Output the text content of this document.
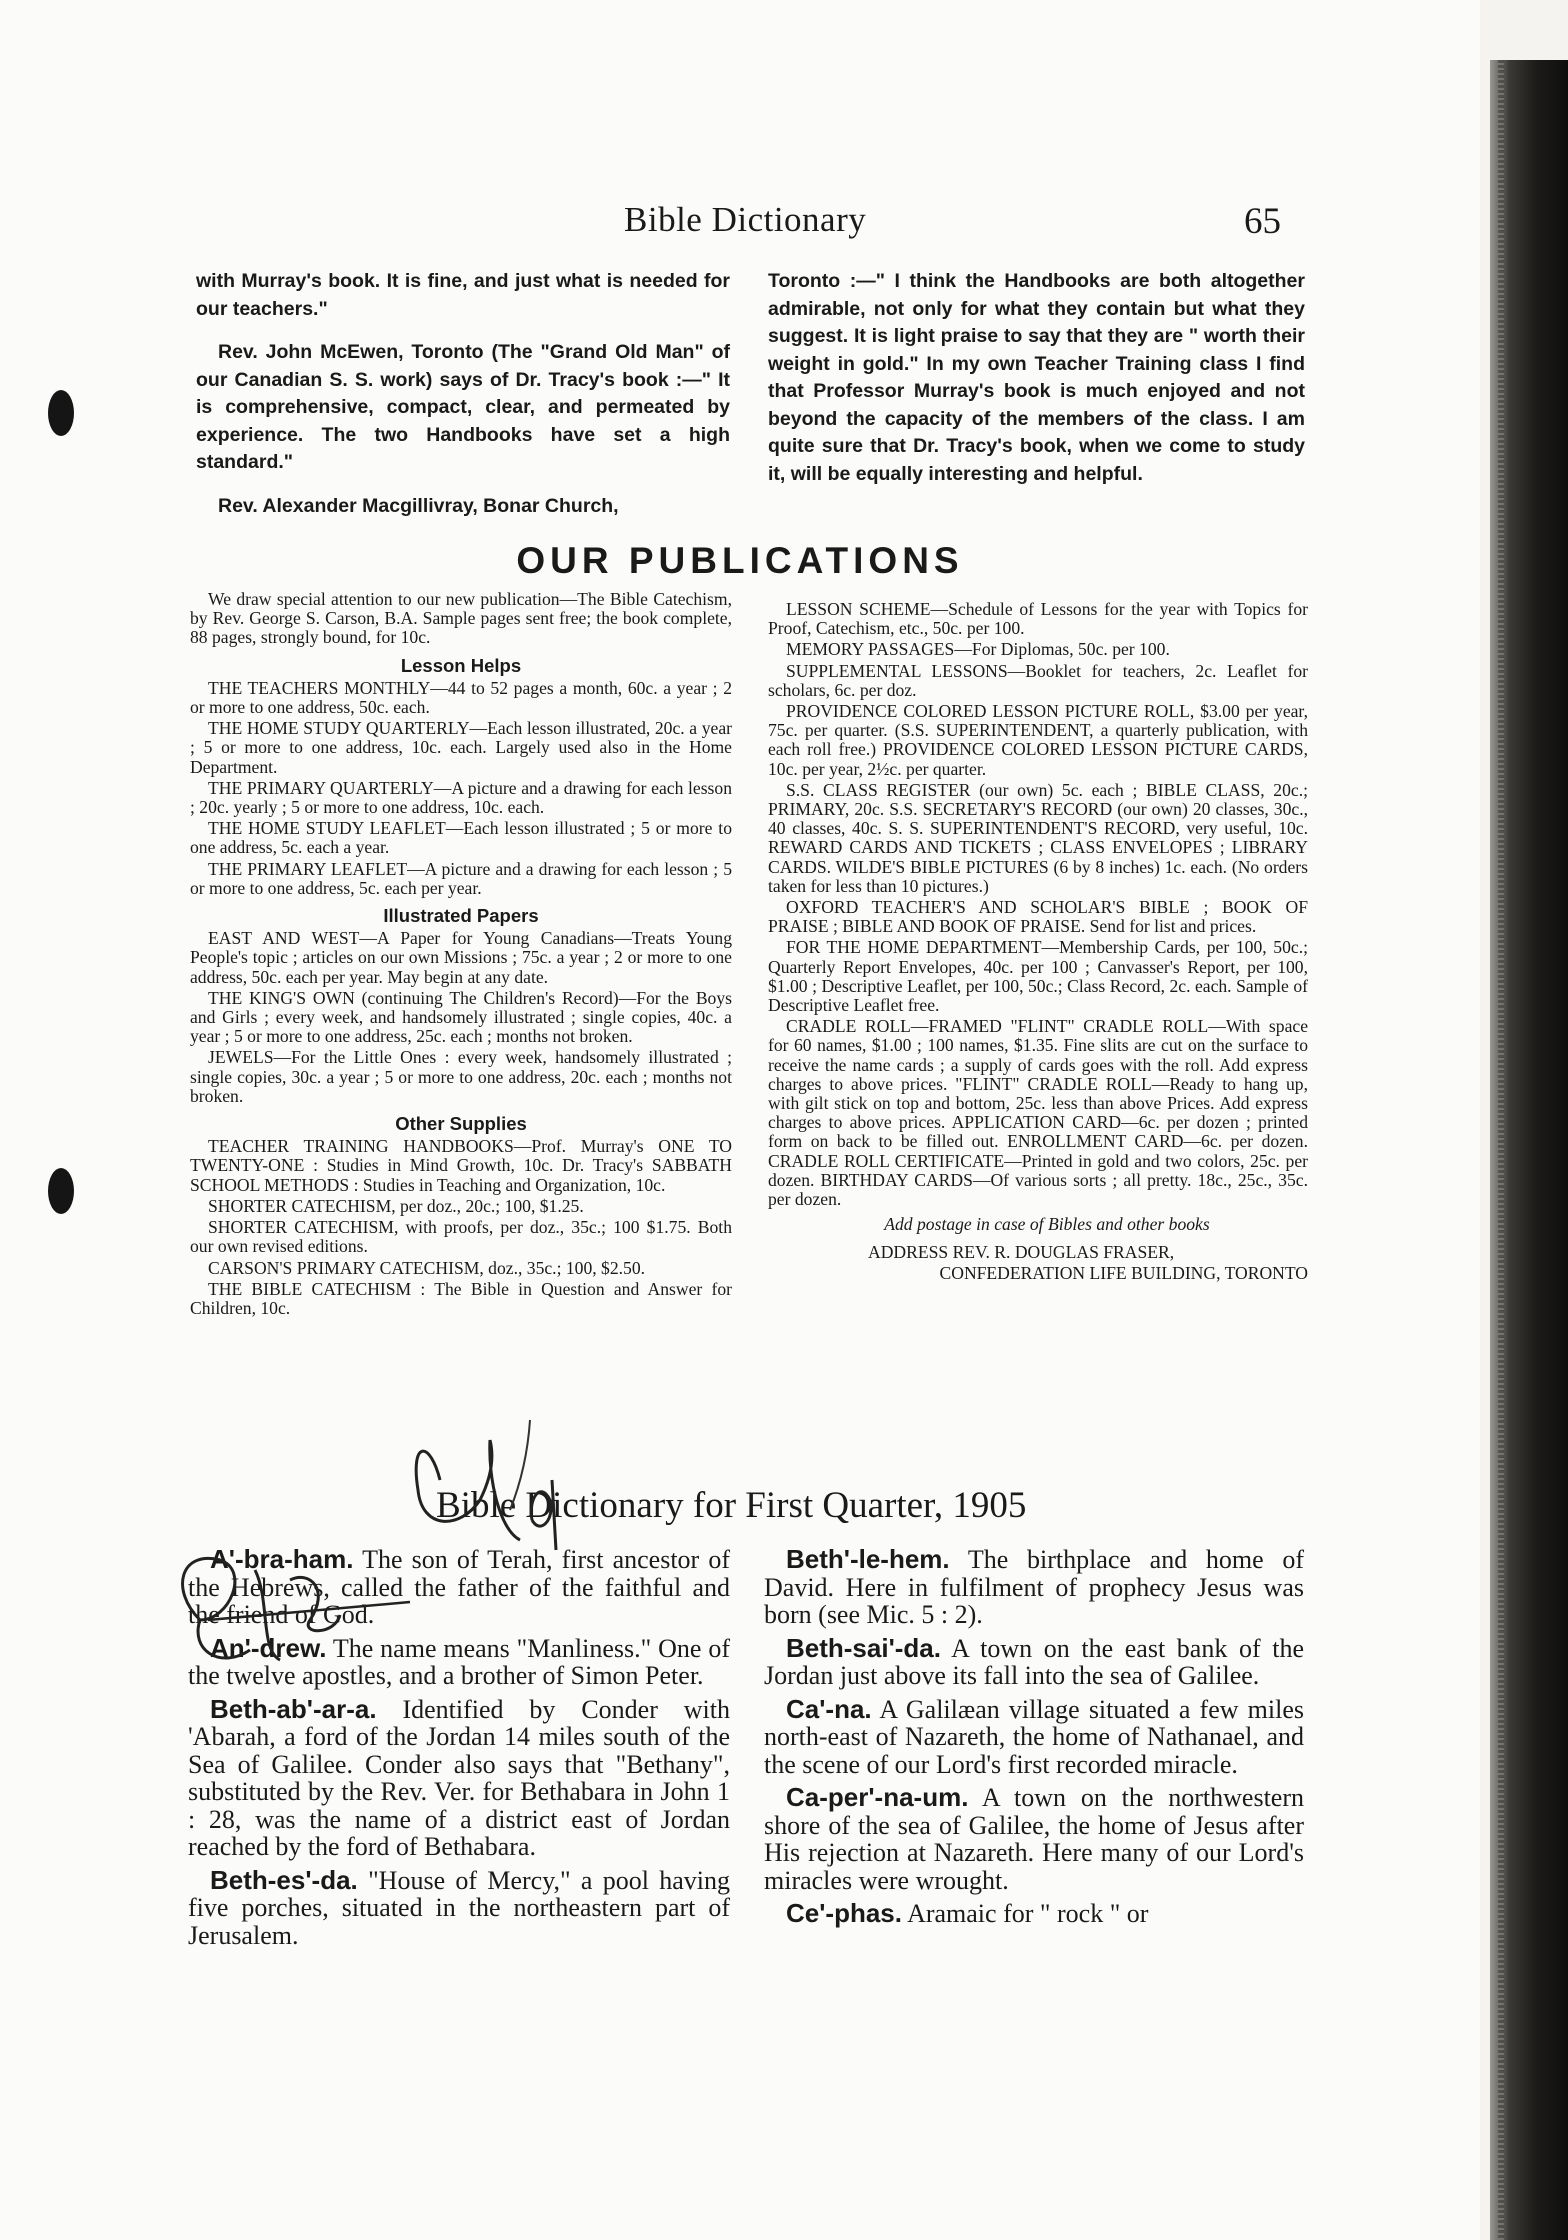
Bible Dictionary	65

with Murray's book. It is fine, and just what is needed for our teachers."

Rev. John McEwen, Toronto (The "Grand Old Man" of our Canadian S. S. work) says of Dr. Tracy's book :—" It is comprehensive, compact, clear, and permeated by experience. The two Handbooks have set a high standard."

Rev. Alexander Macgillivray, Bonar Church,

Toronto :—" I think the Handbooks are both altogether admirable, not only for what they contain but what they suggest. It is light praise to say that they are " worth their weight in gold." In my own Teacher Training class I find that Professor Murray's book is much enjoyed and not beyond the capacity of the members of the class. I am quite sure that Dr. Tracy's book, when we come to study it, will be equally interesting and helpful.

OUR PUBLICATIONS

We draw special attention to our new publication—The Bible Catechism, by Rev. George S. Carson, B.A. Sample pages sent free; the book complete, 88 pages, strongly bound, for 10c.

Lesson Helps

THE TEACHERS MONTHLY—44 to 52 pages a month, 60c. a year ; 2 or more to one address, 50c. each.

THE HOME STUDY QUARTERLY—Each lesson illustrated, 20c. a year ; 5 or more to one address, 10c. each. Largely used also in the Home Department.

THE PRIMARY QUARTERLY—A picture and a drawing for each lesson ; 20c. yearly ; 5 or more to one address, 10c. each.

THE HOME STUDY LEAFLET—Each lesson illustrated ; 5 or more to one address, 5c. each a year.

THE PRIMARY LEAFLET—A picture and a drawing for each lesson ; 5 or more to one address, 5c. each per year.

Illustrated Papers

EAST AND WEST—A Paper for Young Canadians—Treats Young People's topic ; articles on our own Missions ; 75c. a year ; 2 or more to one address, 50c. each per year. May begin at any date.

THE KING'S OWN (continuing The Children's Record)—For the Boys and Girls ; every week, and handsomely illustrated ; single copies, 40c. a year ; 5 or more to one address, 25c. each ; months not broken.

JEWELS—For the Little Ones : every week, handsomely illustrated ; single copies, 30c. a year ; 5 or more to one address, 20c. each ; months not broken.

Other Supplies

TEACHER TRAINING HANDBOOKS—Prof. Murray's ONE TO TWENTY-ONE : Studies in Mind Growth, 10c. Dr. Tracy's SABBATH SCHOOL METHODS : Studies in Teaching and Organization, 10c.

SHORTER CATECHISM, per doz., 20c.; 100, $1.25.

SHORTER CATECHISM, with proofs, per doz., 35c.; 100 $1.75. Both our own revised editions.

CARSON'S PRIMARY CATECHISM, doz., 35c.; 100, $2.50.

THE BIBLE CATECHISM : The Bible in Question and Answer for Children, 10c.

LESSON SCHEME—Schedule of Lessons for the year with Topics for Proof, Catechism, etc., 50c. per 100.

MEMORY PASSAGES—For Diplomas, 50c. per 100.

SUPPLEMENTAL LESSONS—Booklet for teachers, 2c. Leaflet for scholars, 6c. per doz.

PROVIDENCE COLORED LESSON PICTURE ROLL, $3.00 per year, 75c. per quarter. (S.S. SUPERINTENDENT, a quarterly publication, with each roll free.) PROVIDENCE COLORED LESSON PICTURE CARDS, 10c. per year, 2½c. per quarter.

S.S. CLASS REGISTER (our own) 5c. each ; BIBLE CLASS, 20c.; PRIMARY, 20c. S.S. SECRETARY'S RECORD (our own) 20 classes, 30c., 40 classes, 40c. S. S. SUPERINTENDENT'S RECORD, very useful, 10c. REWARD CARDS AND TICKETS ; CLASS ENVELOPES ; LIBRARY CARDS. WILDE'S BIBLE PICTURES (6 by 8 inches) 1c. each. (No orders taken for less than 10 pictures.)

OXFORD TEACHER'S AND SCHOLAR'S BIBLE ; BOOK OF PRAISE ; BIBLE AND BOOK OF PRAISE. Send for list and prices.

FOR THE HOME DEPARTMENT—Membership Cards, per 100, 50c.; Quarterly Report Envelopes, 40c. per 100 ; Canvasser's Report, per 100, $1.00 ; Descriptive Leaflet, per 100, 50c.; Class Record, 2c. each. Sample of Descriptive Leaflet free.

CRADLE ROLL—FRAMED "FLINT" CRADLE ROLL—With space for 60 names, $1.00 ; 100 names, $1.35. Fine slits are cut on the surface to receive the name cards ; a supply of cards goes with the roll. Add express charges to above prices. "FLINT" CRADLE ROLL—Ready to hang up, with gilt stick on top and bottom, 25c. less than above Prices. Add express charges to above prices. APPLICATION CARD—6c. per dozen ; printed form on back to be filled out. ENROLLMENT CARD—6c. per dozen. CRADLE ROLL CERTIFICATE—Printed in gold and two colors, 25c. per dozen. BIRTHDAY CARDS—Of various sorts ; all pretty. 18c., 25c., 35c. per dozen.

Add postage in case of Bibles and other books

ADDRESS REV. R. DOUGLAS FRASER,

CONFEDERATION LIFE BUILDING, TORONTO

Bible Dictionary for First Quarter, 1905

A'-bra-ham. The son of Terah, first ancestor of the Hebrews, called the father of the faithful and the friend of God.

An'-drew. The name means "Manliness." One of the twelve apostles, and a brother of Simon Peter.

Beth-ab'-ar-a. Identified by Conder with 'Abarah, a ford of the Jordan 14 miles south of the Sea of Galilee. Conder also says that "Bethany", substituted by the Rev. Ver. for Bethabara in John 1 : 28, was the name of a district east of Jordan reached by the ford of Bethabara.

Beth-es'-da. "House of Mercy," a pool having five porches, situated in the northeastern part of Jerusalem.

Beth'-le-hem. The birthplace and home of David. Here in fulfilment of prophecy Jesus was born (see Mic. 5 : 2).

Beth-sai'-da. A town on the east bank of the Jordan just above its fall into the sea of Galilee.

Ca'-na. A Galilæan village situated a few miles north-east of Nazareth, the home of Nathanael, and the scene of our Lord's first recorded miracle.

Ca-per'-na-um. A town on the northwestern shore of the sea of Galilee, the home of Jesus after His rejection at Nazareth. Here many of our Lord's miracles were wrought.

Ce'-phas. Aramaic for " rock " or
